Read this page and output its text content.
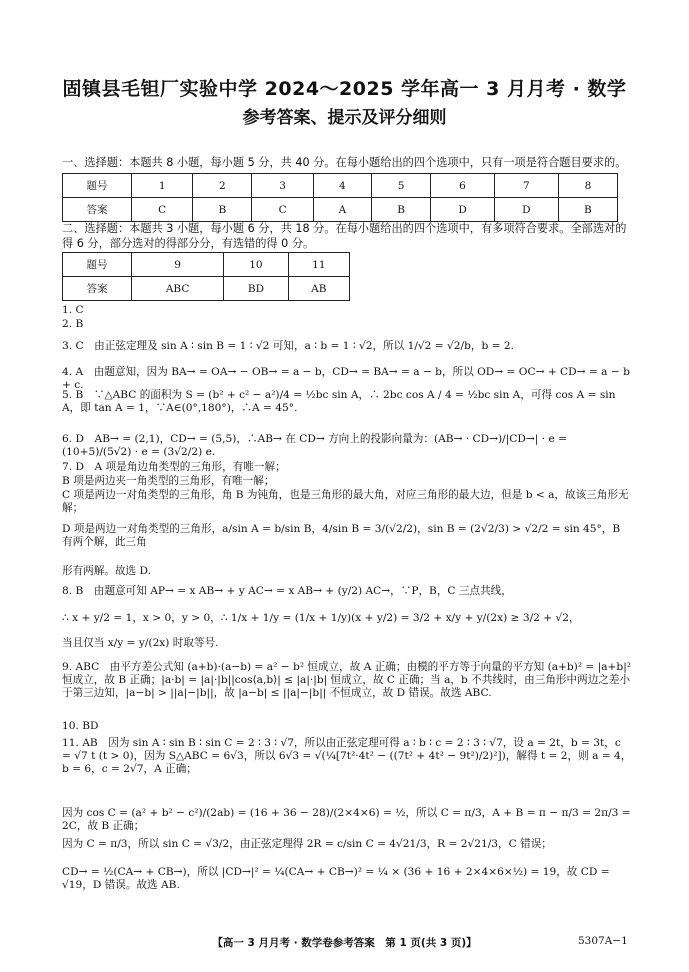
固镇县毛钽厂实验中学 2024～2025 学年高一 3 月月考 · 数学
参考答案、提示及评分细则
一、选择题：本题共 8 小题，每小题 5 分，共 40 分。在每小题给出的四个选项中，只有一项是符合题目要求的。
题号	1	2	3	4	5	6	7	8
答案	C	B	C	A	B	D	D	B
二、选择题：本题共 3 小题，每小题 6 分，共 18 分。在每小题给出的四个选项中，有多项符合要求。全部选对的得 6 分，部分选对的得部分分，有选错的得 0 分。
题号	9	10	11
答案	ABC	BD	AB
1. C
2. B
3. C　由正弦定理及 sin A ∶ sin B = 1 ∶ √2 可知，a ∶ b = 1 ∶ √2，所以 1/√2 = √2/b，b = 2.
4. A　由题意知，因为 BA→ = OA→ − OB→ = a − b，CD→ = BA→ = a − b，所以 OD→ = OC→ + CD→ = a − b + c.
5. B　∵△ABC 的面积为 S = (b² + c² − a²)/4 = ½bc sin A，∴ 2bc cos A / 4 = ½bc sin A，可得 cos A = sin A，即 tan A = 1，∵A∈(0°,180°)，∴A = 45°.
6. D　AB→ = (2,1)，CD→ = (5,5)，∴AB→ 在 CD→ 方向上的投影向量为：(AB→ · CD→)/|CD→| · e = (10+5)/(5√2) · e = (3√2/2) e.
7. D　A 项是角边角类型的三角形，有唯一解；
B 项是两边夹一角类型的三角形，有唯一解；
C 项是两边一对角类型的三角形，角 B 为钝角，也是三角形的最大角，对应三角形的最大边，但是 b < a，故该三角形无解；
D 项是两边一对角类型的三角形，a/sin A = b/sin B，4/sin B = 3/(√2/2)，sin B = (2√2/3) > √2/2 = sin 45°，B 有两个解，此三角
形有两解。故选 D.
8. B　由题意可知 AP→ = x AB→ + y AC→ = x AB→ + (y/2) AC→，∵P，B，C 三点共线，
∴ x + y/2 = 1，x > 0，y > 0，∴ 1/x + 1/y = (1/x + 1/y)(x + y/2) = 3/2 + x/y + y/(2x) ≥ 3/2 + √2，
当且仅当 x/y = y/(2x) 时取等号.
9. ABC　由平方差公式知 (a+b)·(a−b) = a² − b² 恒成立，故 A 正确；由模的平方等于向量的平方知 (a+b)² = |a+b|² 恒成立，故 B 正确；|a·b| = |a|·|b||cos⟨a,b⟩| ≤ |a|·|b| 恒成立，故 C 正确；当 a，b 不共线时，由三角形中两边之差小于第三边知，|a−b| > ||a|−|b||，故 |a−b| ≤ ||a|−|b|| 不恒成立，故 D 错误。故选 ABC.
10. BD
11. AB　因为 sin A ∶ sin B ∶ sin C = 2 ∶ 3 ∶ √7，所以由正弦定理可得 a ∶ b ∶ c = 2 ∶ 3 ∶ √7，设 a = 2t，b = 3t，c = √7 t (t > 0)，因为 S△ABC = 6√3，所以 6√3 = √(¼[7t²·4t² − ((7t² + 4t² − 9t²)/2)²])，解得 t = 2，则 a = 4，b = 6，c = 2√7，A 正确；
因为 cos C = (a² + b² − c²)/(2ab) = (16 + 36 − 28)/(2×4×6) = ½，所以 C = π/3，A + B = π − π/3 = 2π/3 = 2C，故 B 正确；
因为 C = π/3，所以 sin C = √3/2，由正弦定理得 2R = c/sin C = 4√21/3，R = 2√21/3，C 错误；
CD→ = ½(CA→ + CB→)，所以 |CD→|² = ¼(CA→ + CB→)² = ¼ × (36 + 16 + 2×4×6×½) = 19，故 CD = √19，D 错误。故选 AB.
【高一 3 月月考 · 数学卷参考答案　第 1 页(共 3 页)】	5307A−1
